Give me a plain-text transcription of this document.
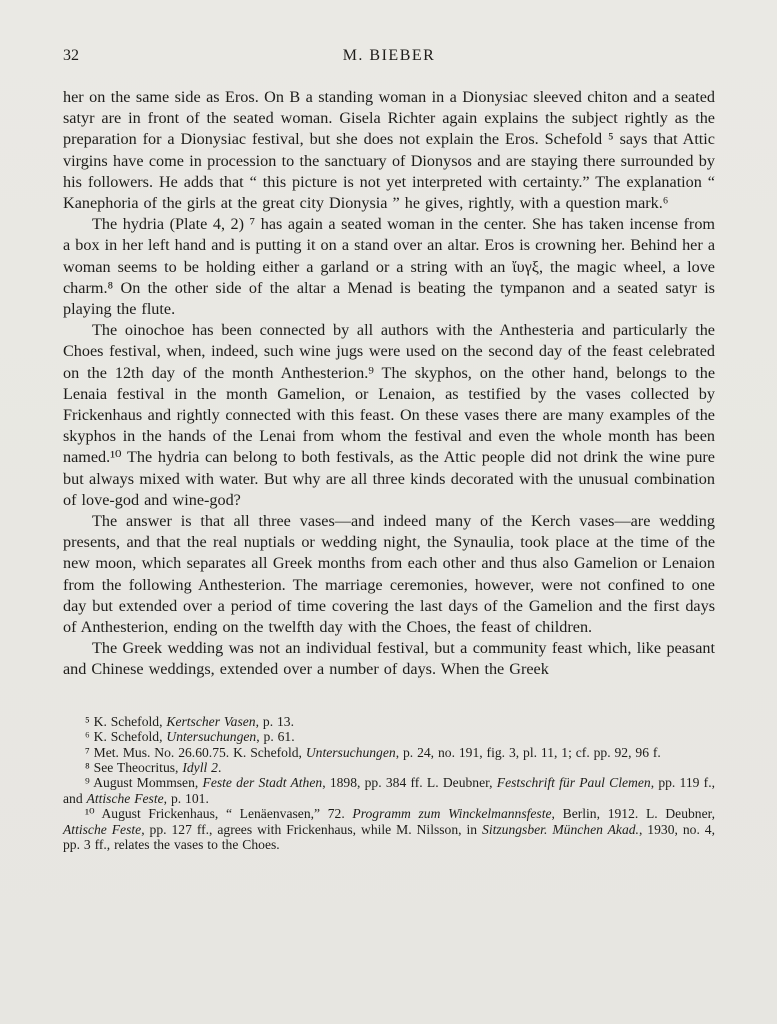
32	M. BIEBER

her on the same side as Eros. On B a standing woman in a Dionysiac sleeved chiton and a seated satyr are in front of the seated woman. Gisela Richter again explains the subject rightly as the preparation for a Dionysiac festival, but she does not explain the Eros. Schefold ⁵ says that Attic virgins have come in procession to the sanctuary of Dionysos and are staying there surrounded by his followers. He adds that “ this picture is not yet interpreted with certainty.” The explanation “ Kanephoria of the girls at the great city Dionysia ” he gives, rightly, with a question mark.⁶

The hydria (Plate 4, 2) ⁷ has again a seated woman in the center. She has taken incense from a box in her left hand and is putting it on a stand over an altar. Eros is crowning her. Behind her a woman seems to be holding either a garland or a string with an ἴυγξ, the magic wheel, a love charm.⁸ On the other side of the altar a Menad is beating the tympanon and a seated satyr is playing the flute.

The oinochoe has been connected by all authors with the Anthesteria and particularly the Choes festival, when, indeed, such wine jugs were used on the second day of the feast celebrated on the 12th day of the month Anthesterion.⁹ The skyphos, on the other hand, belongs to the Lenaia festival in the month Gamelion, or Lenaion, as testified by the vases collected by Frickenhaus and rightly connected with this feast. On these vases there are many examples of the skyphos in the hands of the Lenai from whom the festival and even the whole month has been named.¹⁰ The hydria can belong to both festivals, as the Attic people did not drink the wine pure but always mixed with water. But why are all three kinds decorated with the unusual combination of love-god and wine-god?

The answer is that all three vases—and indeed many of the Kerch vases—are wedding presents, and that the real nuptials or wedding night, the Synaulia, took place at the time of the new moon, which separates all Greek months from each other and thus also Gamelion or Lenaion from the following Anthesterion. The marriage ceremonies, however, were not confined to one day but extended over a period of time covering the last days of the Gamelion and the first days of Anthesterion, ending on the twelfth day with the Choes, the feast of children.

The Greek wedding was not an individual festival, but a community feast which, like peasant and Chinese weddings, extended over a number of days. When the Greek

⁵ K. Schefold, Kertscher Vasen, p. 13.

⁶ K. Schefold, Untersuchungen, p. 61.

⁷ Met. Mus. No. 26.60.75. K. Schefold, Untersuchungen, p. 24, no. 191, fig. 3, pl. 11, 1; cf. pp. 92, 96 f.

⁸ See Theocritus, Idyll 2.

⁹ August Mommsen, Feste der Stadt Athen, 1898, pp. 384 ff. L. Deubner, Festschrift für Paul Clemen, pp. 119 f., and Attische Feste, p. 101.

¹⁰ August Frickenhaus, “ Lenäenvasen,” 72. Programm zum Winckelmannsfeste, Berlin, 1912. L. Deubner, Attische Feste, pp. 127 ff., agrees with Frickenhaus, while M. Nilsson, in Sitzungsber. München Akad., 1930, no. 4, pp. 3 ff., relates the vases to the Choes.
